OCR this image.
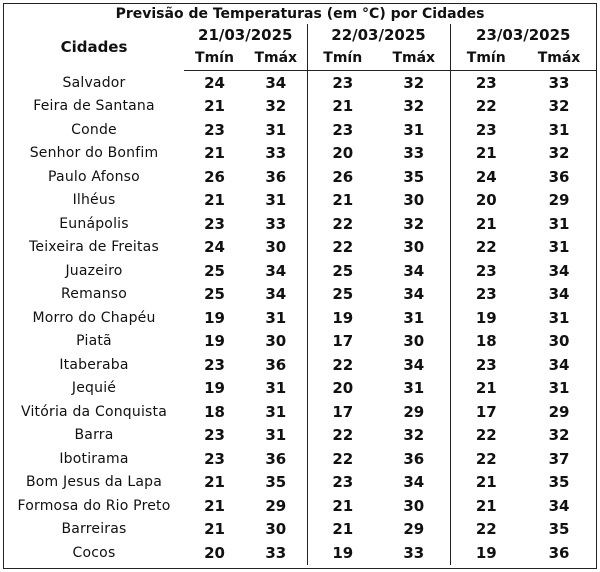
Previsão de Temperaturas (em °C) por Cidades						
Cidades	21/03/2025		22/03/2025		23/03/2025	
	Tmín	Tmáx	Tmín	Tmáx	Tmín	Tmáx
Salvador	24	34	23	32	23	33
Feira de Santana	21	32	21	32	22	32
Conde	23	31	23	31	23	31
Senhor do Bonfim	21	33	20	33	21	32
Paulo Afonso	26	36	26	35	24	36
Ilhéus	21	31	21	30	20	29
Eunápolis	23	33	22	32	21	31
Teixeira de Freitas	24	30	22	30	22	31
Juazeiro	25	34	25	34	23	34
Remanso	25	34	25	34	23	34
Morro do Chapéu	19	31	19	31	19	31
Piatã	19	30	17	30	18	30
Itaberaba	23	36	22	34	23	34
Jequié	19	31	20	31	21	31
Vitória da Conquista	18	31	17	29	17	29
Barra	23	31	22	32	22	32
Ibotirama	23	36	22	36	22	37
Bom Jesus da Lapa	21	35	23	34	21	35
Formosa do Rio Preto	21	29	21	30	21	34
Barreiras	21	30	21	29	22	35
Cocos	20	33	19	33	19	36
